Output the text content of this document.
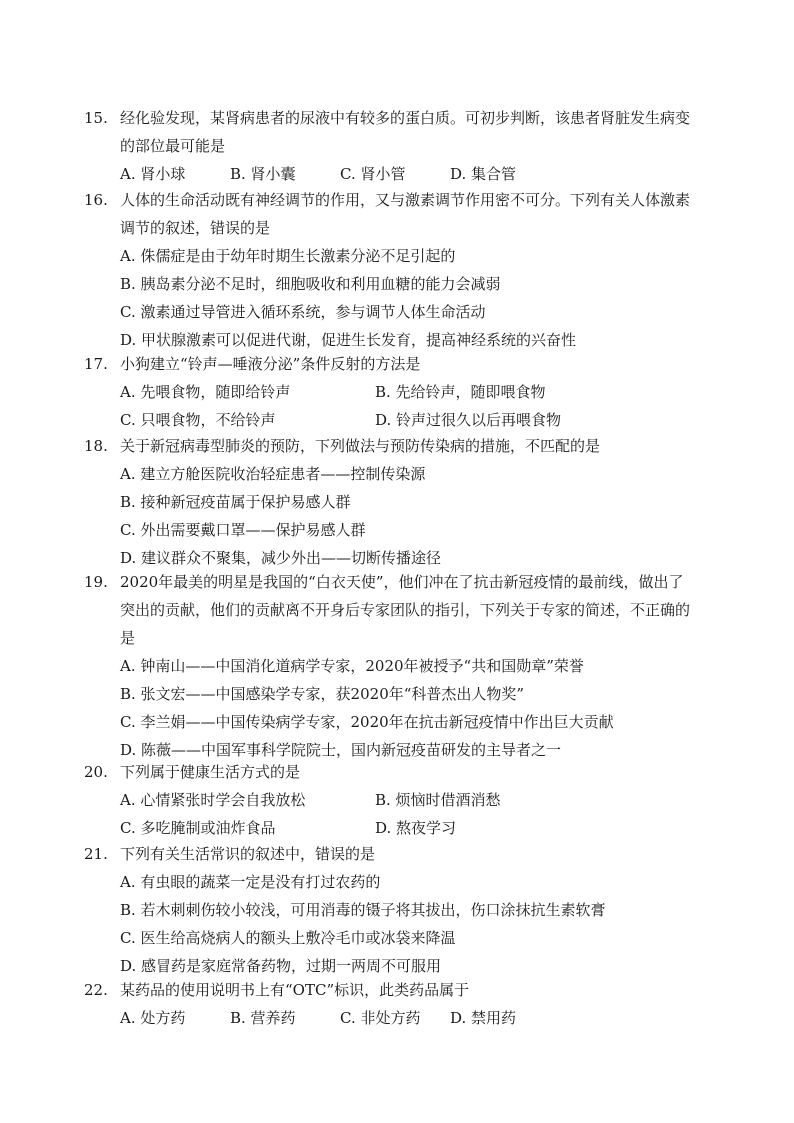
15. 经化验发现，某肾病患者的尿液中有较多的蛋白质。可初步判断，该患者肾脏发生病变
的部位最可能是
A. 肾小球	B. 肾小囊	C. 肾小管	D. 集合管
16. 人体的生命活动既有神经调节的作用，又与激素调节作用密不可分。下列有关人体激素
调节的叙述，错误的是
A. 侏儒症是由于幼年时期生长激素分泌不足引起的
B. 胰岛素分泌不足时，细胞吸收和利用血糖的能力会减弱
C. 激素通过导管进入循环系统，参与调节人体生命活动
D. 甲状腺激素可以促进代谢，促进生长发育，提高神经系统的兴奋性
17. 小狗建立“铃声—唾液分泌”条件反射的方法是
A. 先喂食物，随即给铃声	B. 先给铃声，随即喂食物
C. 只喂食物，不给铃声	D. 铃声过很久以后再喂食物
18. 关于新冠病毒型肺炎的预防，下列做法与预防传染病的措施，不匹配的是
A. 建立方舱医院收治轻症患者——控制传染源
B. 接种新冠疫苗属于保护易感人群
C. 外出需要戴口罩——保护易感人群
D. 建议群众不聚集，减少外出——切断传播途径
19. 2020年最美的明星是我国的“白衣天使”，他们冲在了抗击新冠疫情的最前线，做出了
突出的贡献，他们的贡献离不开身后专家团队的指引，下列关于专家的简述，不正确的
是
A. 钟南山——中国消化道病学专家，2020年被授予“共和国勋章”荣誉
B. 张文宏——中国感染学专家，获2020年“科普杰出人物奖”
C. 李兰娟——中国传染病学专家，2020年在抗击新冠疫情中作出巨大贡献
D. 陈薇——中国军事科学院院士，国内新冠疫苗研发的主导者之一
20. 下列属于健康生活方式的是
A. 心情紧张时学会自我放松	B. 烦恼时借酒消愁
C. 多吃腌制或油炸食品	D. 熬夜学习
21. 下列有关生活常识的叙述中，错误的是
A. 有虫眼的蔬菜一定是没有打过农药的
B. 若木刺刺伤较小较浅，可用消毒的镊子将其拔出，伤口涂抹抗生素软膏
C. 医生给高烧病人的额头上敷冷毛巾或冰袋来降温
D. 感冒药是家庭常备药物，过期一两周不可服用
22. 某药品的使用说明书上有“OTC”标识，此类药品属于
A. 处方药	B. 营养药	C. 非处方药	D. 禁用药
